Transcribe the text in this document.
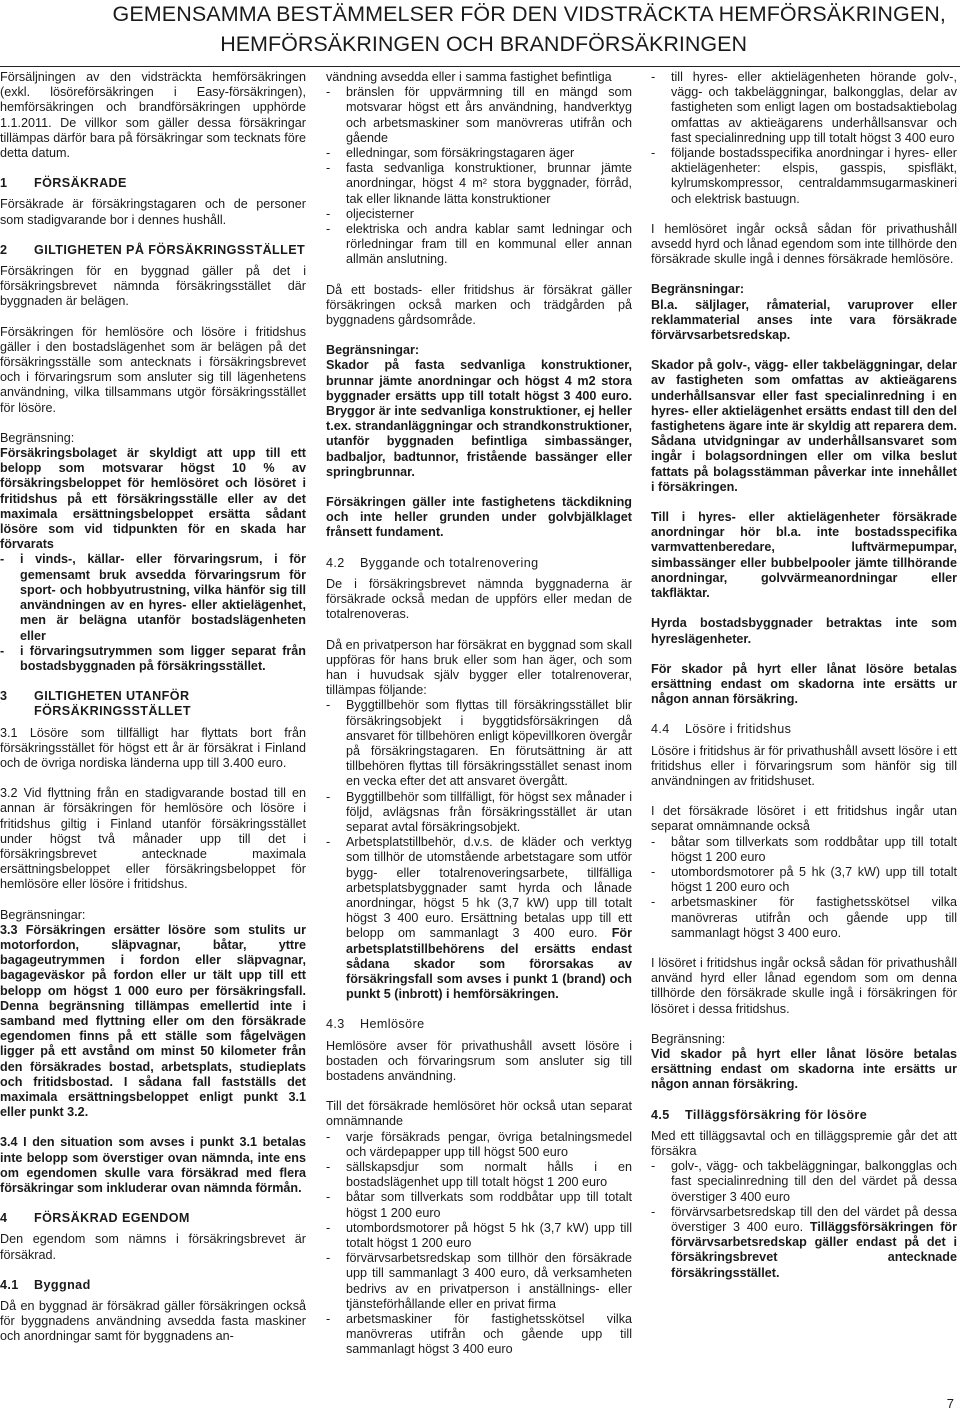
GEMENSAMMA BESTÄMMELSER FÖR DEN VIDSTRÄCKTA HEMFÖRSÄKRINGEN,
HEMFÖRSÄKRINGEN OCH BRANDFÖRSÄKRINGEN

Försäljningen av den vidsträckta hemförsäkringen (exkl. lösöreförsäkringen i Easy-försäkringen), hemförsäkringen och brandförsäkringen upphörde 1.1.2011. De villkor som gäller dessa försäkringar tillämpas därför bara på försäkringar som tecknats före detta datum.

1	FÖRSÄKRADE

Försäkrade är försäkringstagaren och de personer som stadigvarande bor i dennes hushåll.

2	GILTIGHETEN PÅ FÖRSÄKRINGSSTÄLLET

Försäkringen för en byggnad gäller på det i försäkringsbrevet nämnda försäkringsstället där byggnaden är belägen.

Försäkringen för hemlösöre och lösöre i fritidshus gäller i den bostadslägenhet som är belägen på det försäkringsställe som antecknats i försäkringsbrevet och i förvaringsrum som ansluter sig till lägenhetens användning, vilka tillsammans utgör försäkringsstället för lösöre.

Begränsning:

Försäkringsbolaget är skyldigt att upp till ett belopp som motsvarar högst 10 % av försäkringsbeloppet för hemlösöret och lösöret i fritidshus på ett försäkringsställe eller av det maximala ersättningsbeloppet ersätta sådant lösöre som vid tidpunkten för en skada har förvarats

-	i vinds-, källar- eller förvaringsrum, i för gemensamt bruk avsedda förvaringsrum för sport- och hobbyutrustning, vilka hänför sig till användningen av en hyres- eller aktielägenhet, men är belägna utanför bostadslägenheten eller
-	i förvaringsutrymmen som ligger separat från bostadsbyggnaden på försäkringsstället.
3	GILTIGHETEN UTANFÖR FÖRSÄKRINGSSTÄLLET

3.1 Lösöre som tillfälligt har flyttats bort från försäkringsstället för högst ett år är försäkrat i Finland och de övriga nordiska länderna upp till 3.400 euro.

3.2 Vid flyttning från en stadigvarande bostad till en annan är försäkringen för hemlösöre och lösöre i fritidshus giltig i Finland utanför försäkringsstället under högst två månader upp till det i försäkringsbrevet antecknade maximala ersättningsbeloppet eller försäkringsbeloppet för hemlösöre eller lösöre i fritidshus.

Begränsningar:

3.3 Försäkringen ersätter lösöre som stulits ur motorfordon, släpvagnar, båtar, yttre bagageutrymmen i fordon eller släpvagnar, bagageväskor på fordon eller ur tält upp till ett belopp om högst 1 000 euro per försäkringsfall. Denna begränsning tillämpas emellertid inte i samband med flyttning eller om den försäkrade egendomen finns på ett ställe som fågelvägen ligger på ett avstånd om minst 50 kilometer från den försäkrades bostad, arbetsplats, studieplats och fritidsbostad. I sådana fall fastställs det maximala ersättningsbeloppet enligt punkt 3.1 eller punkt 3.2.

3.4 I den situation som avses i punkt 3.1 betalas inte belopp som överstiger ovan nämnda, inte ens om egendomen skulle vara försäkrad med flera försäkringar som inkluderar ovan nämnda förmån.

4	FÖRSÄKRAD EGENDOM

Den egendom som nämns i försäkringsbrevet är försäkrad.

4.1	Byggnad

Då en byggnad är försäkrad gäller försäkringen också för byggnadens användning avsedda fasta maskiner och anordningar samt för byggnadens an-

vändning avsedda eller i samma fastighet befintliga

-	bränslen för uppvärmning till en mängd som motsvarar högst ett års användning, handverktyg och arbetsmaskiner som manövreras utifrån och gående
-	elledningar, som försäkringstagaren äger
-	fasta sedvanliga konstruktioner, brunnar jämte anordningar, högst 4 m² stora byggnader, förråd, tak eller liknande lätta konstruktioner
-	oljecisterner
-	elektriska och andra kablar samt ledningar och rörledningar fram till en kommunal eller annan allmän anslutning.

Då ett bostads- eller fritidshus är försäkrat gäller försäkringen också marken och trädgården på byggnadens gårdsområde.

Begränsningar:

Skador på fasta sedvanliga konstruktioner, brunnar jämte anordningar och högst 4 m2 stora byggnader ersätts upp till totalt högst 3 400 euro. Bryggor är inte sedvanliga konstruktioner, ej heller t.ex. strandanläggningar och strandkonstruktioner, utanför byggnaden befintliga simbassänger, badbaljor, badtunnor, fristående bassänger eller springbrunnar.

Försäkringen gäller inte fastighetens täckdikning och inte heller grunden under golvbjälklaget frånsett fundament.

4.2	Byggande och totalrenovering

De i försäkringsbrevet nämnda byggnaderna är försäkrade också medan de uppförs eller medan de totalrenoveras.

Då en privatperson har försäkrat en byggnad som skall uppföras för hans bruk eller som han äger, och som han i huvudsak själv bygger eller totalrenoverar, tillämpas följande:

-	Byggtillbehör som flyttas till försäkringsstället blir försäkringsobjekt i byggtidsförsäkringen då ansvaret för tillbehören enligt köpevillkoren övergår på försäkringstagaren. En förutsättning är att tillbehören flyttas till försäkringsstället senast inom en vecka efter det att ansvaret övergått.
-	Byggtillbehör som tillfälligt, för högst sex månader i följd, avlägsnas från försäkringsstället är utan separat avtal försäkringsobjekt.
-	Arbetsplatstillbehör, d.v.s. de kläder och verktyg som tillhör de utomstående arbetstagare som utför bygg- eller totalrenoveringsarbete, tillfälliga arbetsplatsbyggnader samt hyrda och lånade anordningar, högst 5 hk (3,7 kW) upp till totalt högst 3 400 euro. Ersättning betalas upp till ett belopp om sammanlagt 3 400 euro. För arbetsplatstillbehörens del ersätts endast sådana skador som förorsakas av försäkringsfall som avses i punkt 1 (brand) och punkt 5 (inbrott) i hemförsäkringen.
4.3	Hemlösöre

Hemlösöre avser för privathushåll avsett lösöre i bostaden och förvaringsrum som ansluter sig till bostadens användning.

Till det försäkrade hemlösöret hör också utan separat omnämnande

-	varje försäkrads pengar, övriga betalningsmedel och värdepapper upp till högst 500 euro
-	sällskapsdjur som normalt hålls i en bostadslägenhet upp till totalt högst 1 200 euro
-	båtar som tillverkats som roddbåtar upp till totalt högst 1 200 euro
-	utombordsmotorer på högst 5 hk (3,7 kW) upp till totalt högst 1 200 euro
-	förvärvsarbetsredskap som tillhör den försäkrade upp till sammanlagt 3 400 euro, då verksamheten bedrivs av en privatperson i anställnings- eller tjänsteförhållande eller en privat firma
-	arbetsmaskiner för fastighetsskötsel vilka manövreras utifrån och gående upp till sammanlagt högst 3 400 euro
-	till hyres- eller aktielägenheten hörande golv-, vägg- och takbeläggningar, balkongglas, delar av fastigheten som enligt lagen om bostadsaktiebolag omfattas av aktieägarens underhållsansvar och fast specialinredning upp till totalt högst 3 400 euro
-	följande bostadsspecifika anordningar i hyres- eller aktielägenheter: elspis, gasspis, spisfläkt, kylrumskompressor, centraldammsugarmaskineri och elektrisk bastuugn.

I hemlösöret ingår också sådan för privathushåll avsedd hyrd och lånad egendom som inte tillhörde den försäkrade skulle ingå i dennes försäkrade hemlösöre.

Begränsningar:

Bl.a. säljlager, råmaterial, varuprover eller reklammaterial anses inte vara försäkrade förvärvsarbetsredskap.

Skador på golv-, vägg- eller takbeläggningar, delar av fastigheten som omfattas av aktieägarens underhållsansvar eller fast specialinredning i en hyres- eller aktielägenhet ersätts endast till den del fastighetens ägare inte är skyldig att reparera dem. Sådana utvidgningar av underhållsansvaret som ingår i bolagsordningen eller om vilka beslut fattats på bolagsstämman påverkar inte innehållet i försäkringen.

Till i hyres- eller aktielägenheter försäkrade anordningar hör bl.a. inte bostadsspecifika varmvattenberedare, luftvärmepumpar, simbassänger eller bubbelpooler jämte tillhörande anordningar, golvvärmeanordningar eller takfläktar.

Hyrda bostadsbyggnader betraktas inte som hyreslägenheter.

För skador på hyrt eller lånat lösöre betalas ersättning endast om skadorna inte ersätts ur någon annan försäkring.

4.4	Lösöre i fritidshus

Lösöre i fritidshus är för privathushåll avsett lösöre i ett fritidshus eller i förvaringsrum som hänför sig till användningen av fritidshuset.

I det försäkrade lösöret i ett fritidshus ingår utan separat omnämnande också

-	båtar som tillverkats som roddbåtar upp till totalt högst 1 200 euro
-	utombordsmotorer på 5 hk (3,7 kW) upp till totalt högst 1 200 euro och
-	arbetsmaskiner för fastighetsskötsel vilka manövreras utifrån och gående upp till sammanlagt högst 3 400 euro.

I lösöret i fritidshus ingår också sådan för privathushåll använd hyrd eller lånad egendom som om denna tillhörde den försäkrade skulle ingå i försäkringen för lösöret i dessa fritidshus.

Begränsning:

Vid skador på hyrt eller lånat lösöre betalas ersättning endast om skadorna inte ersätts ur någon annan försäkring.

4.5	Tilläggsförsäkring för lösöre

Med ett tilläggsavtal och en tilläggspremie går det att försäkra

-	golv-, vägg- och takbeläggningar, balkongglas och fast specialinredning till den del värdet på dessa överstiger 3 400 euro
-	förvärvsarbetsredskap till den del värdet på dessa överstiger 3 400 euro. Tilläggsförsäkringen för förvärvsarbetsredskap gäller endast på det i försäkringsbrevet antecknade försäkringsstället.
7
